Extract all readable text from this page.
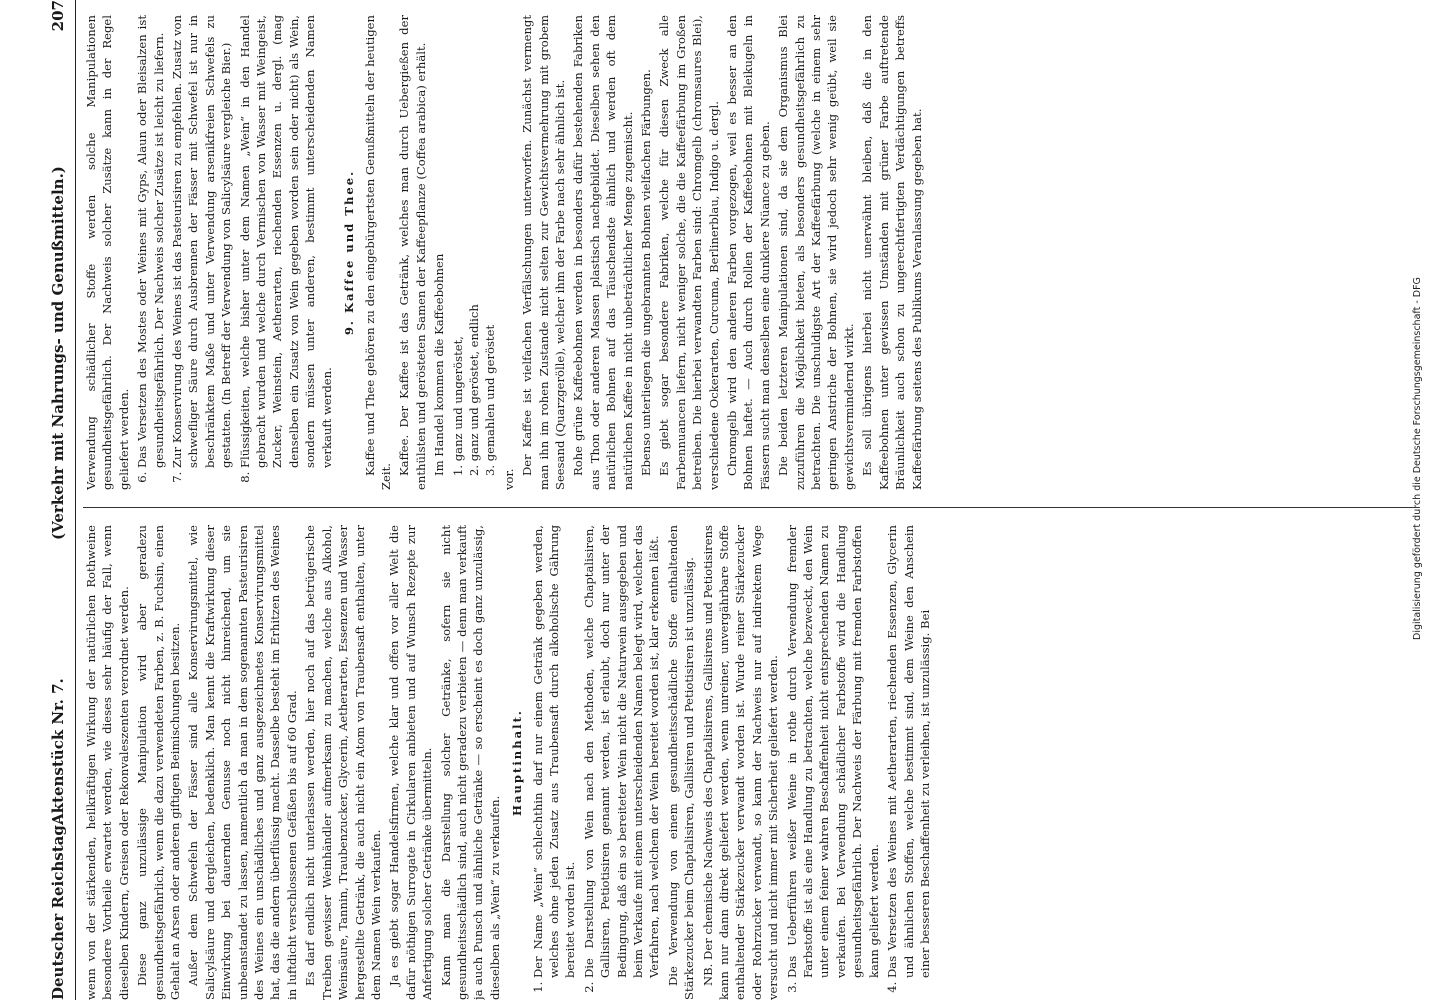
Deutscher Reichstag.
Aktenstück Nr. 7.
(Verkehr mit Nahrungs- und Genußmitteln.)
207

wenn von der stärkenden, heilkräftigen Wirkung der natürlichen Rothweine besondere Vortheile erwartet werden, wie dieses sehr häufig der Fall, wenn dieselben Kindern, Greisen oder Rekonvaleszenten verordnet werden. Diese ganz unzulässige Manipulation wird aber geradezu gesundheitsgefährlich, wenn die dazu verwendeten Farben, z. B. Fuchsin, einen Gehalt an Arsen oder anderen giftigen Beimischungen besitzen. Außer dem Schwefeln der Fässer sind alle Konservirungsmittel, wie Salicylsäure und dergleichen, bedenklich. Man kennt die Kraftwirkung dieser Einwirkung bei dauernden Genusse noch nicht hinreichend, um sie unbeanstandet zu lassen, namentlich da man in dem sogenannten Pasteurisiren des Weines ein unschädliches und ganz ausgezeichnetes Konservirungsmittel hat, das die andern überflüssig macht. Dasselbe besteht im Erhitzen des Weines in luftdicht verschlossenen Gefäßen bis auf 60 Grad. Es darf endlich nicht unterlassen werden, hier noch auf das betrügerische Treiben gewisser Weinhändler aufmerksam zu machen, welche aus Alkohol, Weinsäure, Tannin, Traubenzucker, Glycerin, Aetherarten, Essenzen und Wasser hergestellte Getränk, die auch nicht ein Atom von Traubensaft enthalten, unter dem Namen Wein verkaufen. Ja es giebt sogar Handelsfirmen, welche klar und offen vor aller Welt die dafür nöthigen Surrogate in Cirkularen anbieten und auf Wunsch Rezepte zur Anfertigung solcher Getränke übermitteln. Kann man die Darstellung solcher Getränke, sofern sie nicht gesundheitsschädlich sind, auch nicht geradezu verbieten — denn man verkauft ja auch Punsch und ähnliche Getränke — so erscheint es doch ganz unzulässig, dieselben als „Wein“ zu verkaufen.

Hauptinhalt. 1. Der Name „Wein“ schlechthin darf nur einem Getränk gegeben werden, welches ohne jeden Zusatz aus Traubensaft durch alkoholische Gährung bereitet worden ist. 2. Die Darstellung von Wein nach den Methoden, welche Chaptalisiren, Gallisiren, Petiotisiren genannt werden, ist erlaubt, doch nur unter der Bedingung, daß ein so bereiteter Wein nicht die Naturwein ausgegeben und beim Verkaufe mit einem unterscheidenden Namen belegt wird, welcher das Verfahren, nach welchem der Wein bereitet worden ist, klar erkennen läßt. Die Verwendung von einem gesundheitsschädliche Stoffe enthaltenden Stärkezucker beim Chaptalisiren, Gallisiren und Petiotisiren ist unzulässig. NB. Der chemische Nachweis des Chaptalisirens, Gallisirens und Petiotisirens kann nur dann direkt geliefert werden, wenn unreiner, unvergährbare Stoffe enthaltender Stärkezucker verwandt worden ist. Wurde reiner Stärkezucker oder Rohrzucker verwandt, so kann der Nachweis nur auf indirektem Wege versucht und nicht immer mit Sicherheit geliefert werden. 3. Das Ueberführen weißer Weine in rothe durch Verwendung fremder Farbstoffe ist als eine Handlung zu betrachten, welche bezweckt, den Wein unter einem feiner wahren Beschaffenheit nicht entsprechenden Namen zu verkaufen. Bei Verwendung schädlicher Farbstoffe wird die Handlung gesundheitsgefährlich. Der Nachweis der Färbung mit fremden Farbstoffen kann geliefert werden. 4. Das Versetzen des Weines mit Aetherarten, riechenden Essenzen, Glycerin und ähnlichen Stoffen, welche bestimmt sind, dem Weine den Anschein einer besseren Beschaffenheit zu verleihen, ist unzulässig. Bei
Verwendung schädlicher Stoffe werden solche Manipulationen gesundheitsgefährlich. Der Nachweis solcher Zusätze kann in der Regel geliefert werden. 6. Das Versetzen des Mostes oder Weines mit Gyps, Alaun oder Bleisalzen ist gesundheitsgefährlich. Der Nachweis solcher Zusätze ist leicht zu liefern. 7. Zur Konservirung des Weines ist das Pasteurisiren zu empfehlen. Zusatz von schwefliger Säure durch Ausbrennen der Fässer mit Schwefel ist nur in beschränktem Maße und unter Verwendung arsenikfreien Schwefels zu gestatten. (In Betreff der Verwendung von Salicylsäure vergleiche Bier.) 8. Flüssigkeiten, welche bisher unter dem Namen „Wein“ in den Handel gebracht wurden und welche durch Vermischen von Wasser mit Weingeist, Zucker, Weinstein, Aetherarten, riechenden Essenzen u. dergl. (mag denselben ein Zusatz von Wein gegeben worden sein oder nicht) als Wein, sondern müssen unter anderen, bestimmt unterscheidenden Namen verkauft werden.

9. Kaffee und Thee. Kaffee und Thee gehören zu den eingebürgertsten Genußmitteln der heutigen Zeit.

Kaffee. Der Kaffee ist das Getränk, welches man durch Uebergießen der enthülsten und gerösteten Samen der Kaffeepflanze (Coffea arabica) erhält. Im Handel kommen die Kaffeebohnen 1. ganz und ungeröstet, 2. ganz und geröstet, endlich 3. gemahlen und geröstet

vor.

Der Kaffee ist vielfachen Verfälschungen unterworfen. Zunächst vermengt man ihn im rohen Zustande nicht selten zur Gewichtsvermehrung mit grobem Seesand (Quarzgerölle), welcher ihm der Farbe nach sehr ähnlich ist. Rohe grüne Kaffeebohnen werden in besonders dafür bestehenden Fabriken aus Thon oder anderen Massen plastisch nachgebildet. Dieselben sehen den natürlichen Bohnen auf das Täuschendste ähnlich und werden oft dem natürlichen Kaffee in nicht unbeträchtlicher Menge zugemischt. Ebenso unterliegen die ungebrannten Bohnen vielfachen Färbungen. Es giebt sogar besondere Fabriken, welche für diesen Zweck alle Farbennuancen liefern, nicht weniger solche, die die Kaffeefärbung im Großen betreiben. Die hierbei verwandten Farben sind: Chromgelb (chromsaures Blei), verschiedene Ockerarten, Curcuma, Berlinerblau, Indigo u. dergl. Chromgelb wird den anderen Farben vorgezogen, weil es besser an den Bohnen haftet. — Auch durch Rollen der Kaffeebohnen mit Bleikugeln in Fässern sucht man denselben eine dunklere Nüance zu geben. Die beiden letzteren Manipulationen sind, da sie dem Organismus Blei zuzuführen die Möglichkeit bieten, als besonders gesundheitsgefährlich zu betrachten. Die unschuldigste Art der Kaffeefärbung (welche in einem sehr geringen Anstriche der Bohnen, sie wird jedoch sehr wenig geübt, weil sie gewichtsvermindernd wirkt. Es soll übrigens hierbei nicht unerwähnt bleiben, daß die in den Kaffeebohnen unter gewissen Umständen mit grüner Farbe auftretende Bräunlichkeit auch schon zu ungerechtfertigten Verdächtigungen betreffs Kaffeefärbung seitens des Publikums Veranlassung gegeben hat.	Digitalisierung gefördert durch die Deutsche Forschungsgemeinschaft - DFG
